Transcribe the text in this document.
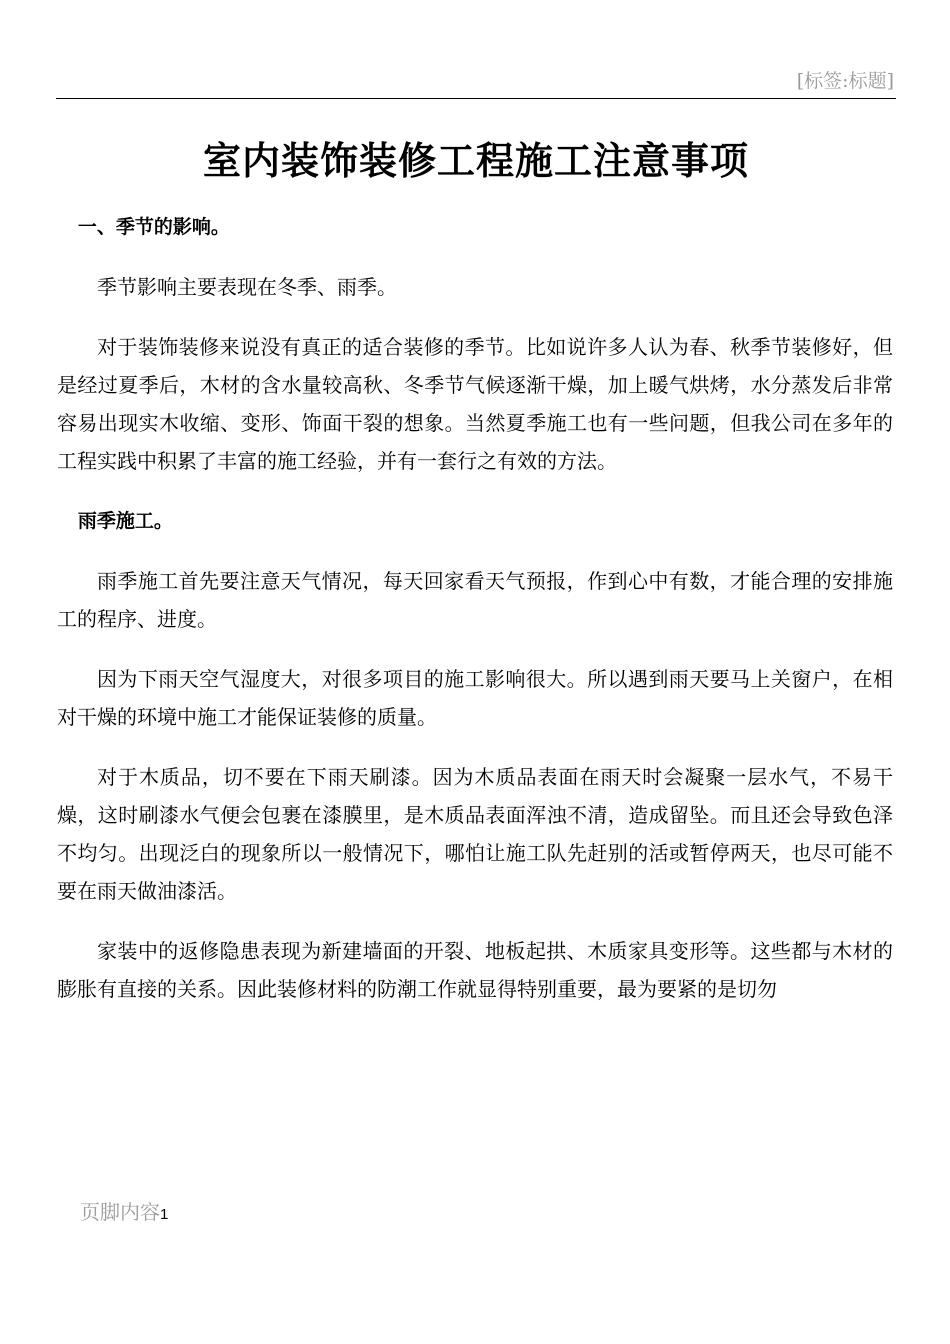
[标签:标题]
室内装饰装修工程施工注意事项
一、季节的影响。

季节影响主要表现在冬季、雨季。

对于装饰装修来说没有真正的适合装修的季节。比如说许多人认为春、秋季节装修好，但是经过夏季后，木材的含水量较高秋、冬季节气候逐渐干燥，加上暖气烘烤，水分蒸发后非常容易出现实木收缩、变形、饰面干裂的想象。当然夏季施工也有一些问题，但我公司在多年的工程实践中积累了丰富的施工经验，并有一套行之有效的方法。

雨季施工。

雨季施工首先要注意天气情况，每天回家看天气预报，作到心中有数，才能合理的安排施工的程序、进度。

因为下雨天空气湿度大，对很多项目的施工影响很大。所以遇到雨天要马上关窗户，在相对干燥的环境中施工才能保证装修的质量。

对于木质品，切不要在下雨天刷漆。因为木质品表面在雨天时会凝聚一层水气，不易干燥，这时刷漆水气便会包裹在漆膜里，是木质品表面浑浊不清，造成留坠。而且还会导致色泽不均匀。出现泛白的现象所以一般情况下，哪怕让施工队先赶别的活或暂停两天，也尽可能不要在雨天做油漆活。

家装中的返修隐患表现为新建墙面的开裂、地板起拱、木质家具变形等。这些都与木材的膨胀有直接的关系。因此装修材料的防潮工作就显得特别重要，最为要紧的是切勿

页脚内容1
